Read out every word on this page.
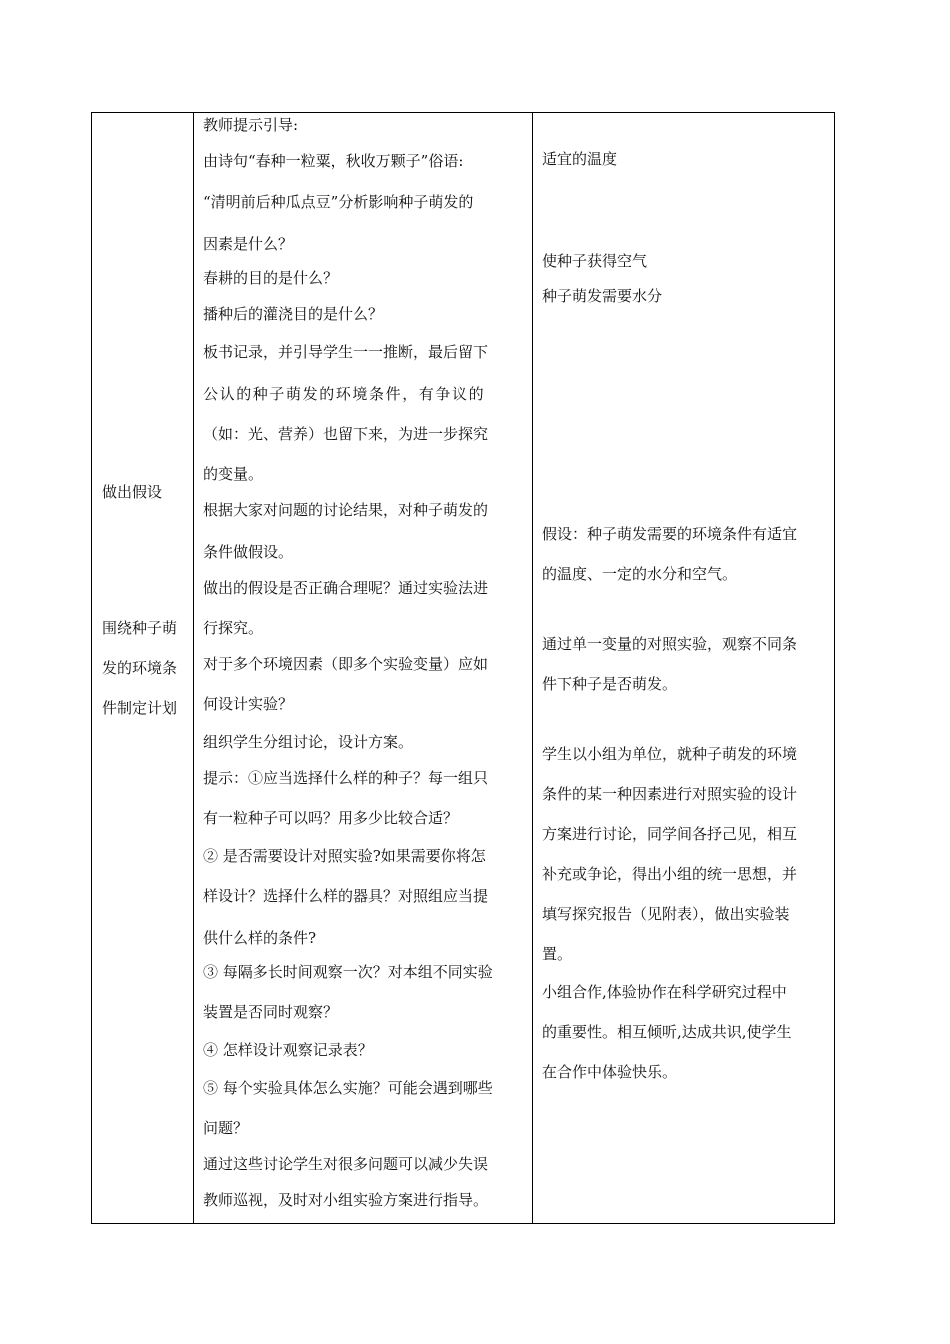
做出假设
围绕种子萌
发的环境条
件制定计划
教师提示引导:
由诗句“春种一粒粟，秋收万颗子”俗语:
“清明前后种瓜点豆”分析影响种子萌发的
因素是什么？
春耕的目的是什么？
播种后的灌浇目的是什么？
板书记录，并引导学生一一推断，最后留下
公认的种子萌发的环境条件，有争议的
（如：光、营养）也留下来，为进一步探究
的变量。
根据大家对问题的讨论结果，对种子萌发的
条件做假设。
做出的假设是否正确合理呢？通过实验法进
行探究。
对于多个环境因素（即多个实验变量）应如
何设计实验？
组织学生分组讨论，设计方案。
提示：①应当选择什么样的种子？每一组只
有一粒种子可以吗？用多少比较合适？
② 是否需要设计对照实验?如果需要你将怎
样设计？选择什么样的器具？对照组应当提
供什么样的条件?
③ 每隔多长时间观察一次？对本组不同实验
装置是否同时观察？
④ 怎样设计观察记录表？
⑤ 每个实验具体怎么实施？可能会遇到哪些
问题？
通过这些讨论学生对很多问题可以减少失误
教师巡视，及时对小组实验方案进行指导。
适宜的温度
使种子获得空气
种子萌发需要水分
假设：种子萌发需要的环境条件有适宜
的温度、一定的水分和空气。
通过单一变量的对照实验，观察不同条
件下种子是否萌发。
学生以小组为单位，就种子萌发的环境
条件的某一种因素进行对照实验的设计
方案进行讨论，同学间各抒己见，相互
补充或争论，得出小组的统一思想，并
填写探究报告（见附表），做出实验装
置。
小组合作,体验协作在科学研究过程中
的重要性。相互倾听,达成共识,使学生
在合作中体验快乐。
